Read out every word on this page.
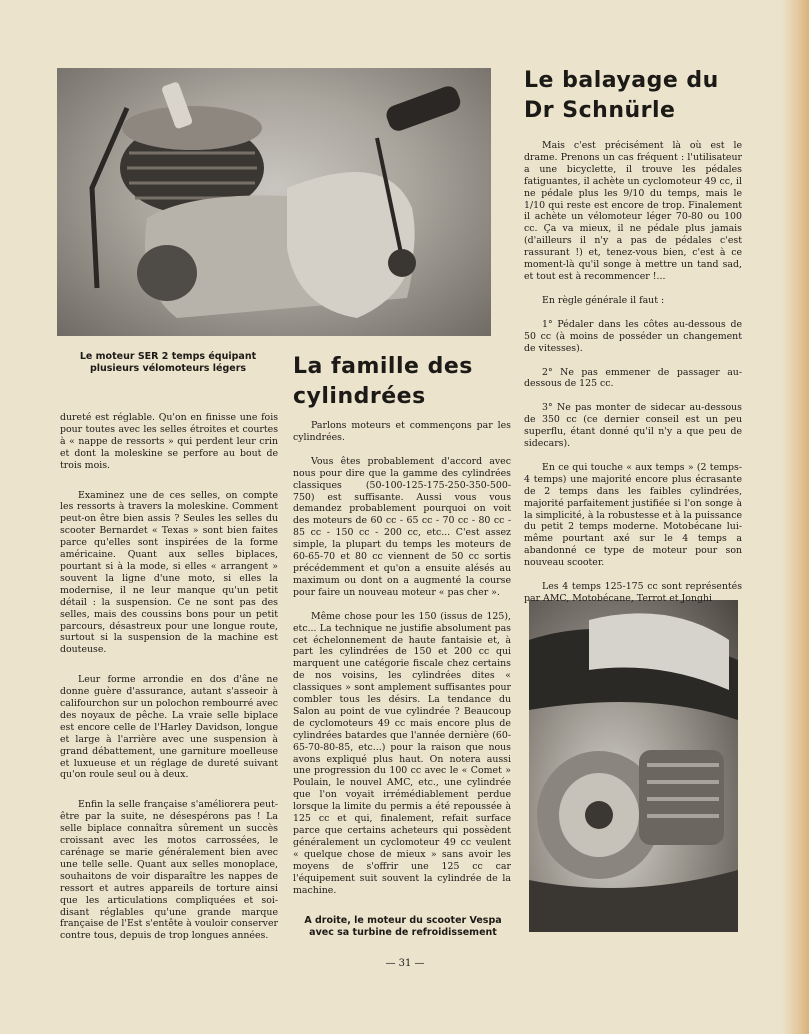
Le moteur SER 2 temps équipant plusieurs vélomoteurs légers

A droite, le moteur du scooter Vespa avec sa turbine de refroidissement

La famille des cylindrées
Le balayage du Dr Schnürle

dureté est réglable. Qu'on en finisse une fois pour toutes avec les selles étroites et courtes à « nappe de ressorts » qui perdent leur crin et dont la moleskine se perfore au bout de trois mois.

Examinez une de ces selles, on compte les ressorts à travers la moleskine. Comment peut-on être bien assis ? Seules les selles du scooter Bernardet « Texas » sont bien faites parce qu'elles sont inspirées de la forme américaine. Quant aux selles biplaces, pourtant si à la mode, si elles « arrangent » souvent la ligne d'une moto, si elles la modernise, il ne leur manque qu'un petit détail : la suspension. Ce ne sont pas des selles, mais des coussins bons pour un petit parcours, désastreux pour une longue route, surtout si la suspension de la machine est douteuse.

Leur forme arrondie en dos d'âne ne donne guère d'assurance, autant s'asseoir à califourchon sur un polochon rembourré avec des noyaux de pêche. La vraie selle biplace est encore celle de l'Harley Davidson, longue et large à l'arrière avec une suspension à grand débattement, une garniture moelleuse et luxueuse et un réglage de dureté suivant qu'on roule seul ou à deux.

Enfin la selle française s'améliorera peut-être par la suite, ne désespérons pas ! La selle biplace connaîtra sûrement un succès croissant avec les motos carrossées, le carénage se marie généralement bien avec une telle selle. Quant aux selles monoplace, souhaitons de voir disparaître les nappes de ressort et autres appareils de torture ainsi que les articulations compliquées et soi-disant réglables qu'une grande marque française de l'Est s'entête à vouloir conserver contre tous, depuis de trop longues années.

Parlons moteurs et commençons par les cylindrées.

Vous êtes probablement d'accord avec nous pour dire que la gamme des cylindrées classiques (50-100-125-175-250-350-500-750) est suffisante. Aussi vous vous demandez probablement pourquoi on voit des moteurs de 60 cc - 65 cc - 70 cc - 80 cc - 85 cc - 150 cc - 200 cc, etc... C'est assez simple, la plupart du temps les moteurs de 60-65-70 et 80 cc viennent de 50 cc sortis précédemment et qu'on a ensuite alésés au maximum ou dont on a augmenté la course pour faire un nouveau moteur « pas cher ».

Même chose pour les 150 (issus de 125), etc... La technique ne justifie absolument pas cet échelonnement de haute fantaisie et, à part les cylindrées de 150 et 200 cc qui marquent une catégorie fiscale chez certains de nos voisins, les cylindrées dites « classiques » sont amplement suffisantes pour combler tous les désirs. La tendance du Salon au point de vue cylindrée ? Beaucoup de cyclomoteurs 49 cc mais encore plus de cylindrées batardes que l'année dernière (60-65-70-80-85, etc...) pour la raison que nous avons expliqué plus haut. On notera aussi une progression du 100 cc avec le « Comet » Poulain, le nouvel AMC, etc., une cylindrée que l'on voyait irrémédiablement perdue lorsque la limite du permis a été repoussée à 125 cc et qui, finalement, refait surface parce que certains acheteurs qui possèdent généralement un cyclomoteur 49 cc veulent « quelque chose de mieux » sans avoir les moyens de s'offrir une 125 cc car l'équipement suit souvent la cylindrée de la machine.

Mais c'est précisément là où est le drame. Prenons un cas fréquent : l'utilisateur a une bicyclette, il trouve les pédales fatiguantes, il achète un cyclomoteur 49 cc, il ne pédale plus les 9/10 du temps, mais le 1/10 qui reste est encore de trop. Finalement il achète un vélomoteur léger 70-80 ou 100 cc. Ça va mieux, il ne pédale plus jamais (d'ailleurs il n'y a pas de pédales c'est rassurant !) et, tenez-vous bien, c'est à ce moment-là qu'il songe à mettre un tand sad, et tout est à recommencer !...

En règle générale il faut :

1° Pédaler dans les côtes au-dessous de 50 cc (à moins de posséder un changement de vitesses).

2° Ne pas emmener de passager au-dessous de 125 cc.

3° Ne pas monter de sidecar au-dessous de 350 cc (ce dernier conseil est un peu superflu, étant donné qu'il n'y a que peu de sidecars).

En ce qui touche « aux temps » (2 temps-4 temps) une majorité encore plus écrasante de 2 temps dans les faibles cylindrées, majorité parfaitement justifiée si l'on songe à la simplicité, à la robustesse et à la puissance du petit 2 temps moderne. Motobécane lui-même pourtant axé sur le 4 temps a abandonné ce type de moteur pour son nouveau scooter.

Les 4 temps 125-175 cc sont représentés par AMC, Motobécane, Terrot et Jonghi

— 31 —
